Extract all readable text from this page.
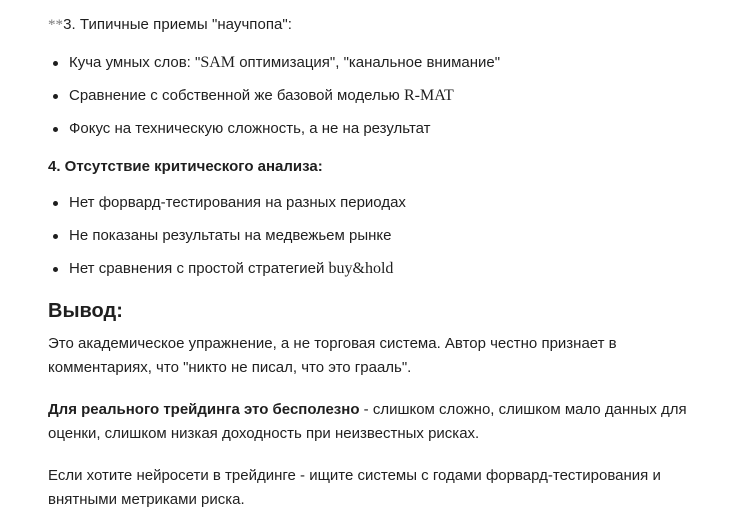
**3. Типичные приемы "научпопа":
Куча умных слов: "SAM оптимизация", "канальное внимание"
Сравнение с собственной же базовой моделью R-MAT
Фокус на техническую сложность, а не на результат
4. Отсутствие критического анализа:
Нет форвард-тестирования на разных периодах
Не показаны результаты на медвежьем рынке
Нет сравнения с простой стратегией buy&hold
Вывод:

Это академическое упражнение, а не торговая система. Автор честно признает в комментариях, что "никто не писал, что это грааль".

Для реального трейдинга это бесполезно - слишком сложно, слишком мало данных для оценки, слишком низкая доходность при неизвестных рисках.

Если хотите нейросети в трейдинге - ищите системы с годами форвард-тестирования и внятными метриками риска.
